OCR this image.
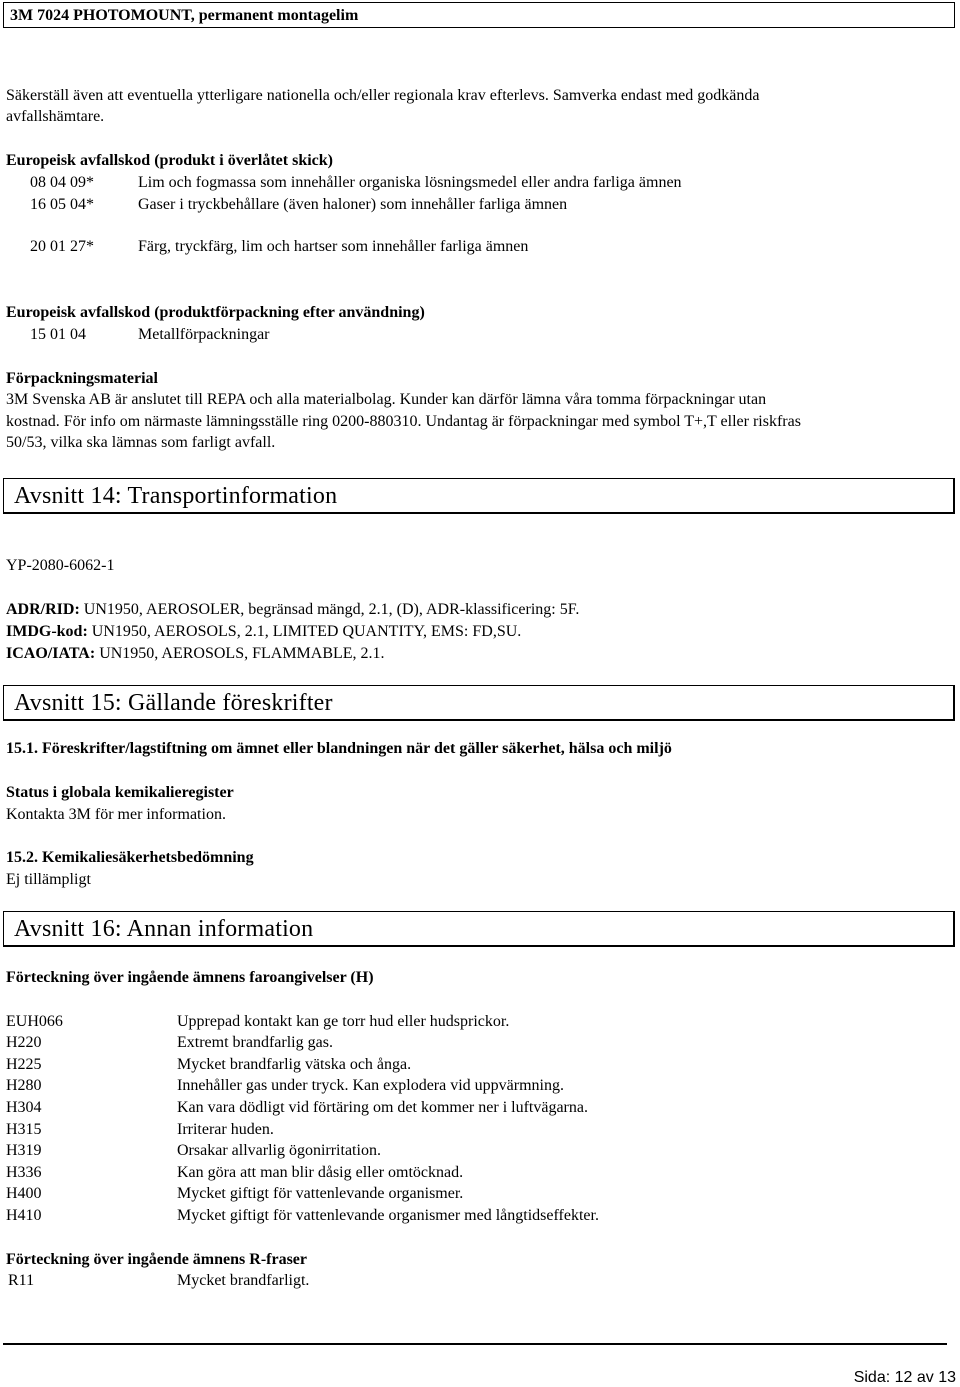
3M 7024 PHOTOMOUNT, permanent montagelim
Säkerställ även att eventuella ytterligare nationella och/eller regionala krav efterlevs. Samverka endast med godkända
avfallshämtare.
Europeisk avfallskod (produkt i överlåtet skick)
08 04 09*	Lim och fogmassa som innehåller organiska lösningsmedel eller andra farliga ämnen
16 05 04*	Gaser i tryckbehållare (även haloner) som innehåller farliga ämnen
20 01 27*	Färg, tryckfärg, lim och hartser som innehåller farliga ämnen
Europeisk avfallskod (produktförpackning efter användning)
15 01 04	Metallförpackningar
Förpackningsmaterial
3M Svenska AB är anslutet till REPA och alla materialbolag. Kunder kan därför lämna våra tomma förpackningar utan
kostnad. För info om närmaste lämningsställe ring 0200-880310. Undantag är förpackningar med symbol T+,T eller riskfras
50/53, vilka ska lämnas som farligt avfall.
Avsnitt 14: Transportinformation
YP-2080-6062-1
ADR/RID: UN1950, AEROSOLER, begränsad mängd, 2.1, (D), ADR-klassificering: 5F.
IMDG-kod: UN1950, AEROSOLS, 2.1, LIMITED QUANTITY, EMS: FD,SU.
ICAO/IATA: UN1950, AEROSOLS, FLAMMABLE, 2.1.
Avsnitt 15: Gällande föreskrifter
15.1. Föreskrifter/lagstiftning om ämnet eller blandningen när det gäller säkerhet, hälsa och miljö
Status i globala kemikalieregister
Kontakta 3M för mer information.
15.2. Kemikaliesäkerhetsbedömning
Ej tillämpligt
Avsnitt 16: Annan information
Förteckning över ingående ämnens faroangivelser (H)
EUH066	Upprepad kontakt kan ge torr hud eller hudsprickor.
H220	Extremt brandfarlig gas.
H225	Mycket brandfarlig vätska och ånga.
H280	Innehåller gas under tryck. Kan explodera vid uppvärmning.
H304	Kan vara dödligt vid förtäring om det kommer ner i luftvägarna.
H315	Irriterar huden.
H319	Orsakar allvarlig ögonirritation.
H336	Kan göra att man blir dåsig eller omtöcknad.
H400	Mycket giftigt för vattenlevande organismer.
H410	Mycket giftigt för vattenlevande organismer med långtidseffekter.
Förteckning över ingående ämnens R-fraser
R11	Mycket brandfarligt.
Sida: 12 av 13
